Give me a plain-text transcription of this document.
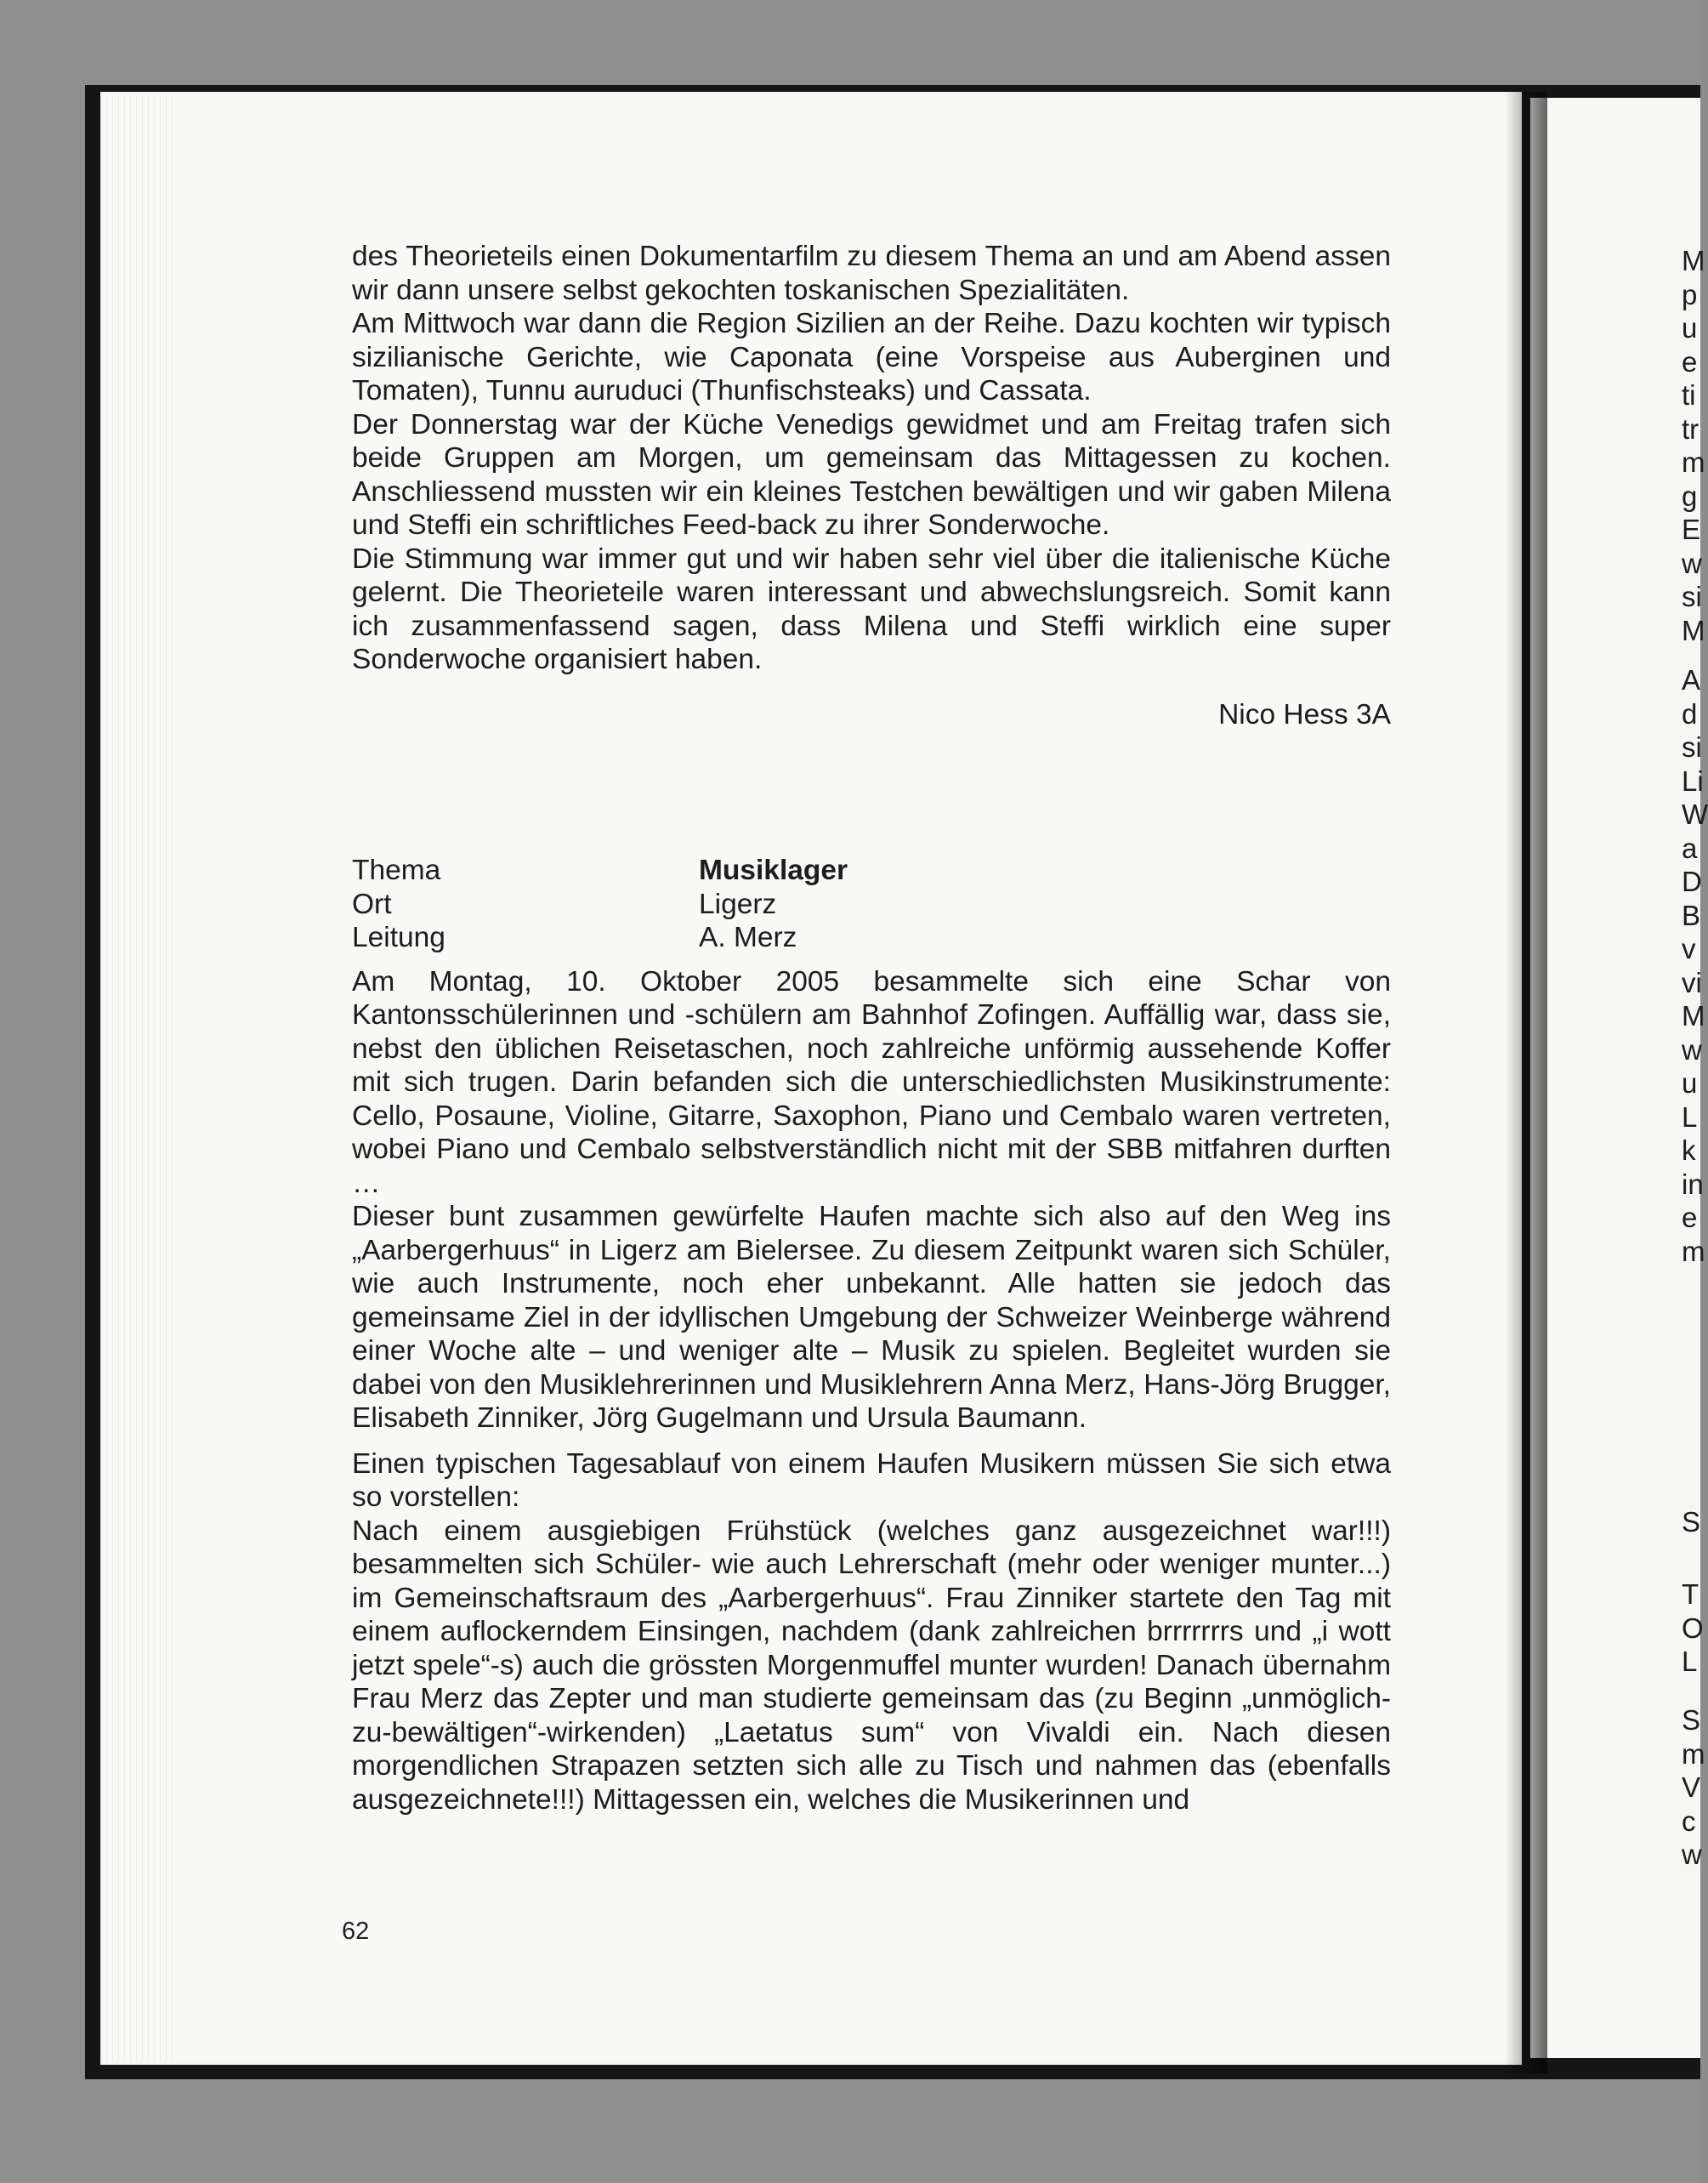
M
p
u
e
ti
tr
m
g
E
w
si
M
A
d
si
Li
W
a
D
B
v
vi
M
w
u
L
k
in
e
m
S
T
O
L
S
m
V
c
w

des Theorieteils einen Dokumentarfilm zu diesem Thema an und am Abend assen wir dann unsere selbst gekochten toskanischen Spezialitäten.

Am Mittwoch war dann die Region Sizilien an der Reihe. Dazu kochten wir typisch sizilianische Gerichte, wie Caponata (eine Vorspeise aus Auberginen und Tomaten), Tunnu auruduci (Thunfischsteaks) und Cassata.

Der Donnerstag war der Küche Venedigs gewidmet und am Freitag trafen sich beide Gruppen am Morgen, um gemeinsam das Mittagessen zu kochen. Anschliessend mussten wir ein kleines Testchen bewältigen und wir gaben Milena und Steffi ein schriftliches Feed-back zu ihrer Sonderwoche.

Die Stimmung war immer gut und wir haben sehr viel über die italienische Küche gelernt. Die Theorieteile waren interessant und abwechslungsreich. Somit kann ich zusammenfassend sagen, dass Milena und Steffi wirklich eine super Sonderwoche organisiert haben.

Nico Hess 3A
Thema	Musiklager
Ort	Ligerz
Leitung	A. Merz

Am Montag, 10. Oktober 2005 besammelte sich eine Schar von Kantonsschülerinnen und -schülern am Bahnhof Zofingen. Auffällig war, dass sie, nebst den üblichen Reisetaschen, noch zahlreiche unförmig aussehende Koffer mit sich trugen. Darin befanden sich die unterschiedlichsten Musikinstrumente: Cello, Posaune, Violine, Gitarre, Saxophon, Piano und Cembalo waren vertreten, wobei Piano und Cembalo selbstverständlich nicht mit der SBB mitfahren durften …

Dieser bunt zusammen gewürfelte Haufen machte sich also auf den Weg ins „Aarbergerhuus“ in Ligerz am Bielersee. Zu diesem Zeitpunkt waren sich Schüler, wie auch Instrumente, noch eher unbekannt. Alle hatten sie jedoch das gemeinsame Ziel in der idyllischen Umgebung der Schweizer Weinberge während einer Woche alte – und weniger alte – Musik zu spielen. Begleitet wurden sie dabei von den Musiklehrerinnen und Musiklehrern Anna Merz, Hans-Jörg Brugger, Elisabeth Zinniker, Jörg Gugelmann und Ursula Baumann.

Einen typischen Tagesablauf von einem Haufen Musikern müssen Sie sich etwa so vorstellen:

Nach einem ausgiebigen Frühstück (welches ganz ausgezeichnet war!!!) besammelten sich Schüler- wie auch Lehrerschaft (mehr oder weniger munter...) im Gemeinschaftsraum des „Aarbergerhuus“. Frau Zinniker startete den Tag mit einem auflockerndem Einsingen, nachdem (dank zahlreichen brrrrrrrs und „i wott jetzt spele“-s) auch die grössten Morgenmuffel munter wurden! Danach übernahm Frau Merz das Zepter und man studierte gemeinsam das (zu Beginn „unmöglich-zu-bewältigen“-wirkenden) „Laetatus sum“ von Vivaldi ein. Nach diesen morgendlichen Strapazen setzten sich alle zu Tisch und nahmen das (ebenfalls ausgezeichnete!!!) Mittagessen ein, welches die Musikerinnen und

62
